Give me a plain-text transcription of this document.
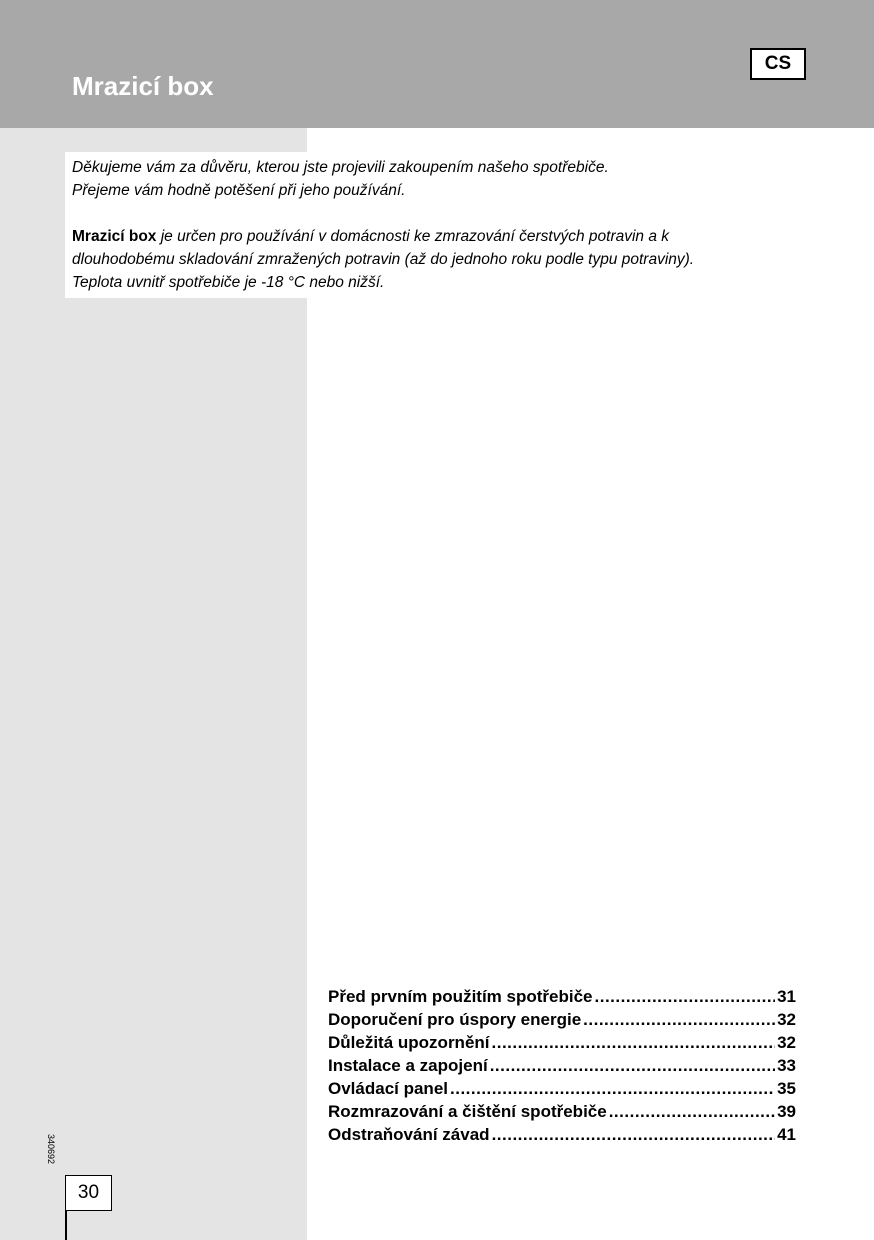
Mrazicí box
CS

Děkujeme vám za důvěru, kterou jste projevili zakoupením našeho spotřebiče.

Přejeme vám hodně potěšení při jeho používání.

Mrazicí box je určen pro používání v domácnosti ke zmrazování čerstvých potravin a k

dlouhodobému skladování zmražených potravin (až do jednoho roku podle typu potraviny).

Teplota uvnitř spotřebiče je -18 °C nebo nižší.

Před prvním použitím spotřebiče .....	31
Doporučení pro úspory energie .....	32
Důležitá upozornění .....	32
Instalace a zapojení .....	33
Ovládací panel .....	35
Rozmrazování a čištění spotřebiče .....	39
Odstraňování závad .....	41
340692
30
